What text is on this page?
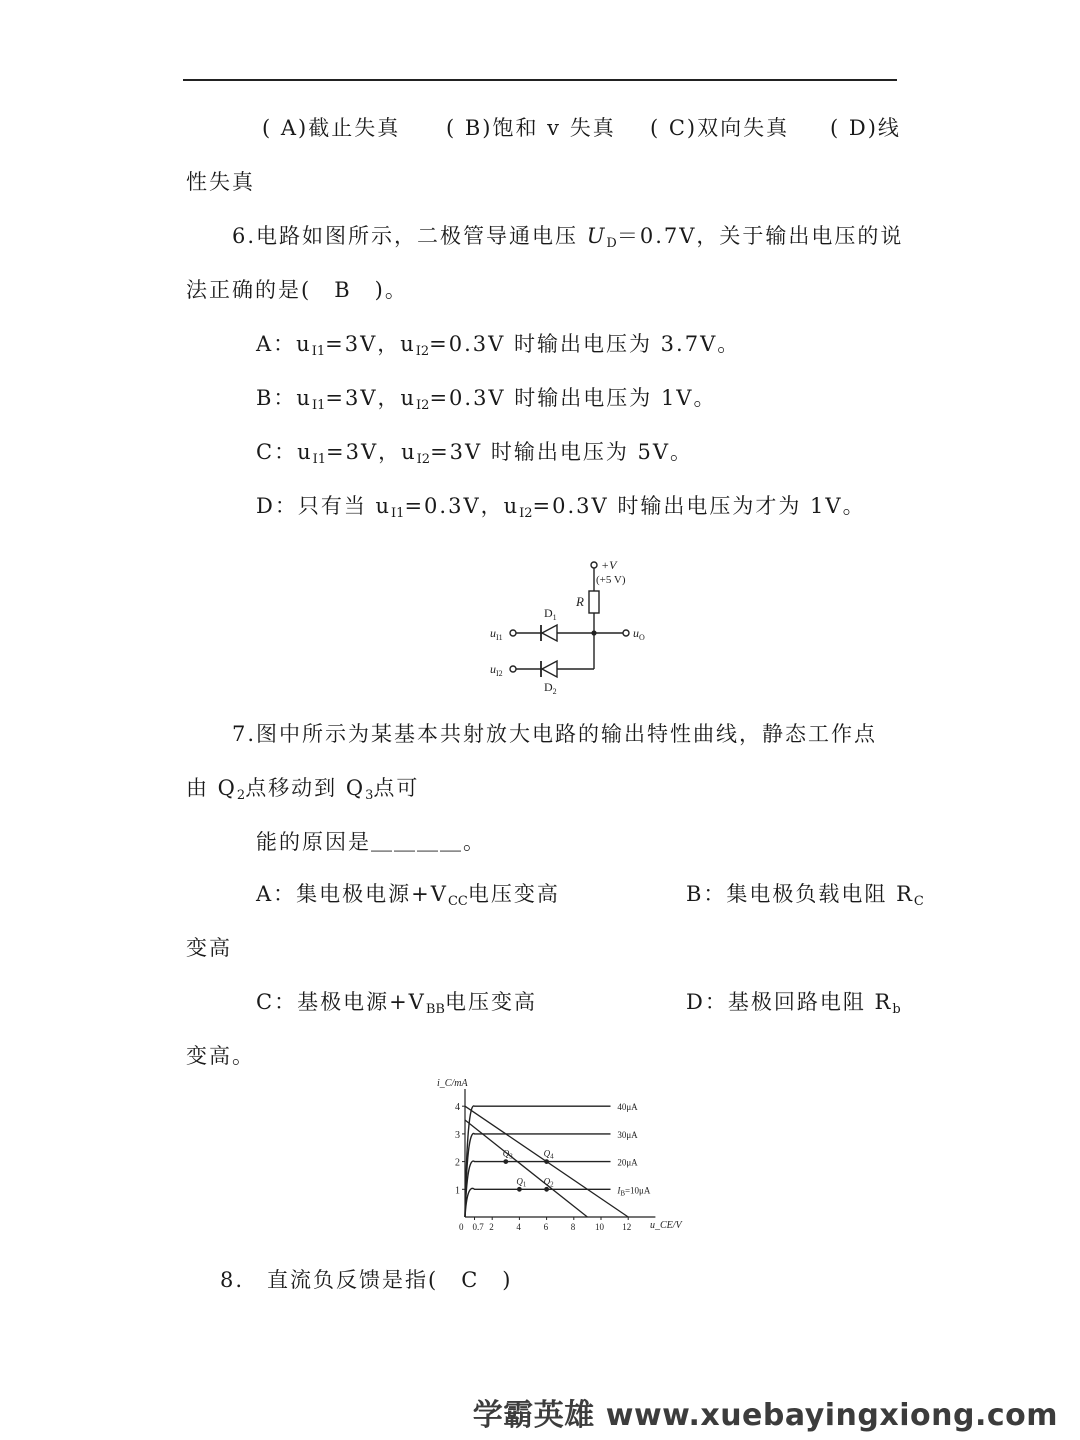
( A)截止失真 ( B)饱和 v 失真 ( C)双向失真 ( D)线
性失真
6.电路如图所示，二极管导通电压 $U_D=0.7V$，关于输出电压的说
法正确的是(　B　)。
A：$u_{I1}=3V$，$u_{I2}=0.3V$ 时输出电压为 3.7V。
B：$u_{I1}=3V$，$u_{I2}=0.3V$ 时输出电压为 1V。
C：$u_{I1}=3V$，$u_{I2}=3V$ 时输出电压为 5V。
D：只有当 $u_{I1}=0.3V$，$u_{I2}=0.3V$ 时输出电压为才为 1V。
+V
(+5 V)
R
$u_O$
$u_{I1}$
$D_1$
$u_{I2}$
$D_2$
7.图中所示为某基本共射放大电路的输出特性曲线，静态工作点
由 $Q_2$点移动到 $Q_3$点可
能的原因是＿＿＿＿。
A：集电极电源$+V_{CC}$电压变高	B：集电极负载电阻 $R_C$
变高
C：基极电源$+V_{BB}$电压变高	D：基极回路电阻 $R_b$
变高。
i_C/mA
u_CE/V
1
2
3
4
0 0.7 2	4	6	8 10 12
$I_B=10\mu A$
20μA
30μA
40μA
$Q_1$ $Q_2$
$Q_3$	$Q_4$
8.　直流负反馈是指(　C　)
学霸英雄 www.xuebayingxiong.com
